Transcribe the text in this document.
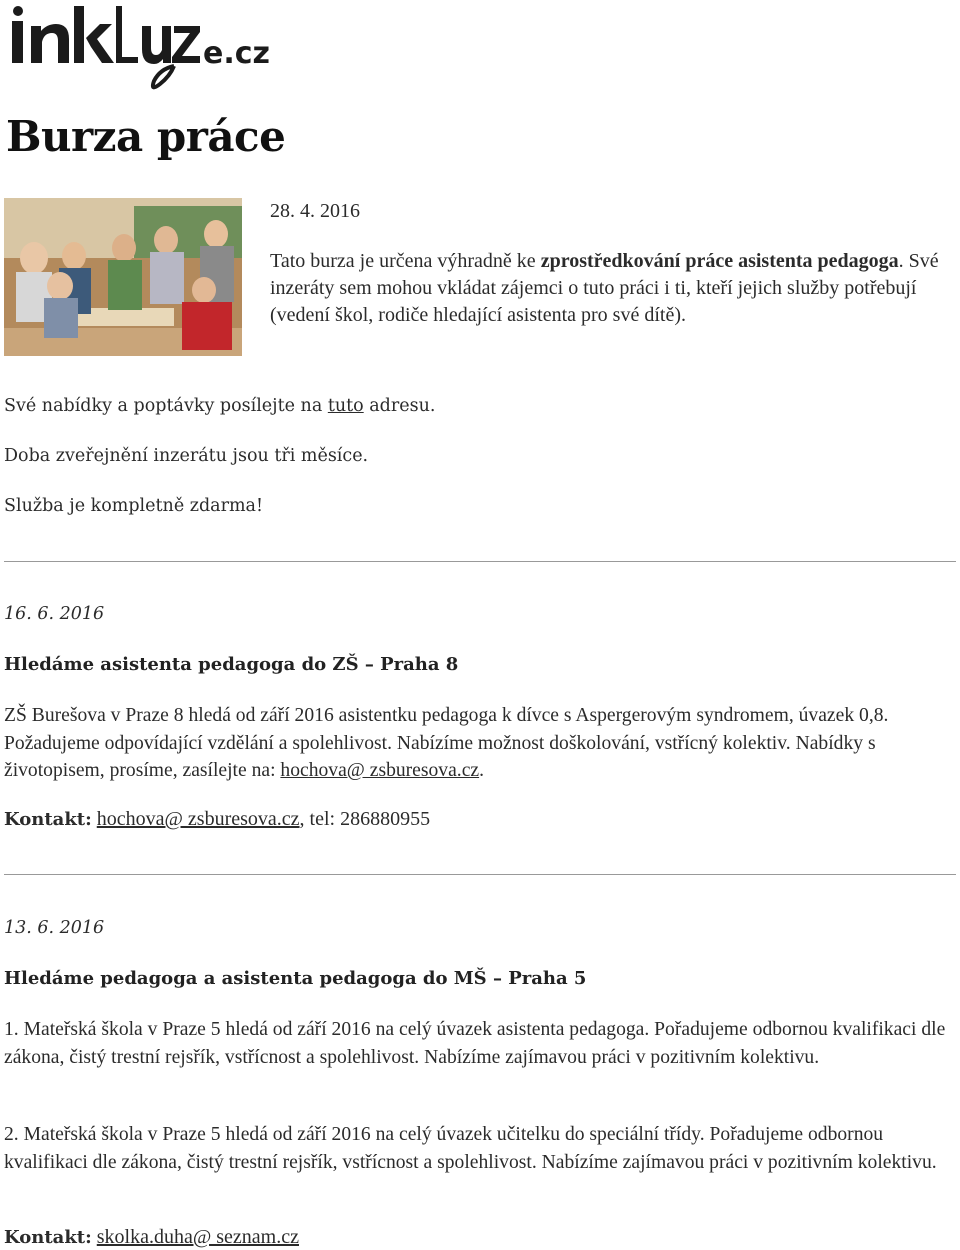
e.cz
Burza práce
28. 4. 2016

Tato burza je určena výhradně ke zprostředkování práce asistenta pedagoga. Své inzeráty sem mohou vkládat zájemci o tuto práci i ti, kteří jejich služby potřebují (vedení škol, rodiče hledající asistenta pro své dítě).

Své nabídky a poptávky posílejte na tuto adresu.

Doba zveřejnění inzerátu jsou tři měsíce.

Služba je kompletně zdarma!

16. 6. 2016

Hledáme asistenta pedagoga do ZŠ – Praha 8

ZŠ Burešova v Praze 8 hledá od září 2016 asistentku pedagoga k dívce s Aspergerovým syndromem, úvazek 0,8. Požadujeme odpovídající vzdělání a spolehlivost. Nabízíme možnost doškolování, vstřícný kolektiv. Nabídky s životopisem, prosíme, zasílejte na: hochova@ zsburesova.cz.

Kontakt: hochova@ zsburesova.cz, tel: 286880955

13. 6. 2016

Hledáme pedagoga a asistenta pedagoga do MŠ – Praha 5

1. Mateřská škola v Praze 5 hledá od září 2016 na celý úvazek asistenta pedagoga. Pořadujeme odbornou kvalifikaci dle zákona, čistý trestní rejsřík, vstřícnost a spolehlivost. Nabízíme zajímavou práci v pozitivním kolektivu.

2. Mateřská škola v Praze 5 hledá od září 2016 na celý úvazek učitelku do speciální třídy. Pořadujeme odbornou kvalifikaci dle zákona, čistý trestní rejsřík, vstřícnost a spolehlivost. Nabízíme zajímavou práci v pozitivním kolektivu.

Kontakt: skolka.duha@ seznam.cz
